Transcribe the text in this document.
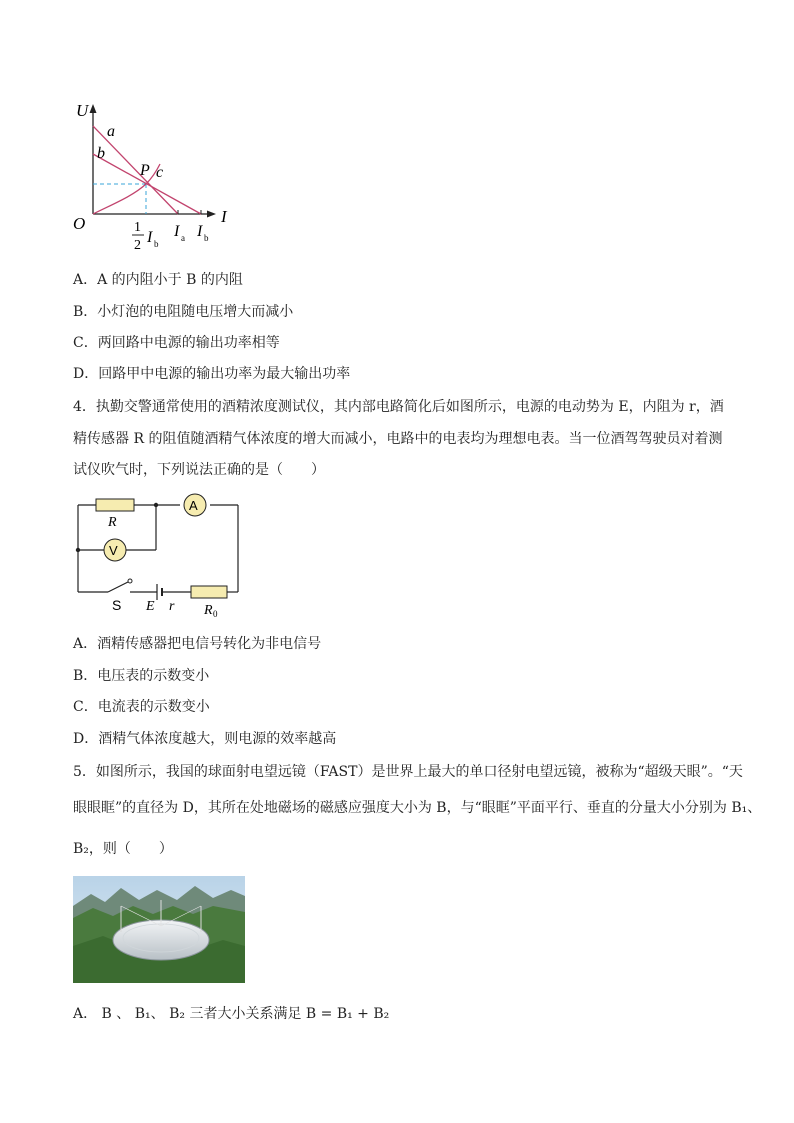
U
I
O
a
b
P c
1
2 I b
I a I b
A．A 的内阻小于 B 的内阻
B．小灯泡的电阻随电压增大而减小
C．两回路中电源的输出功率相等
D．回路甲中电源的输出功率为最大输出功率
4．执勤交警通常使用的酒精浓度测试仪，其内部电路简化后如图所示，电源的电动势为 E，内阻为 r，酒
精传感器 R 的阻值随酒精气体浓度的增大而减小，电路中的电表均为理想电表。当一位酒驾驾驶员对着测
试仪吹气时，下列说法正确的是（　　）
R
A
V
S E r R 0
A．酒精传感器把电信号转化为非电信号
B．电压表的示数变小
C．电流表的示数变小
D．酒精气体浓度越大，则电源的效率越高
5．如图所示，我国的球面射电望远镜（FAST）是世界上最大的单口径射电望远镜，被称为“超级天眼”。“天
眼眼眶”的直径为 D，其所在处地磁场的磁感应强度大小为 B，与“眼眶”平面平行、垂直的分量大小分别为 B₁、
B₂，则（　　）
A． B 、 B₁、 B₂ 三者大小关系满足 B = B₁ + B₂
